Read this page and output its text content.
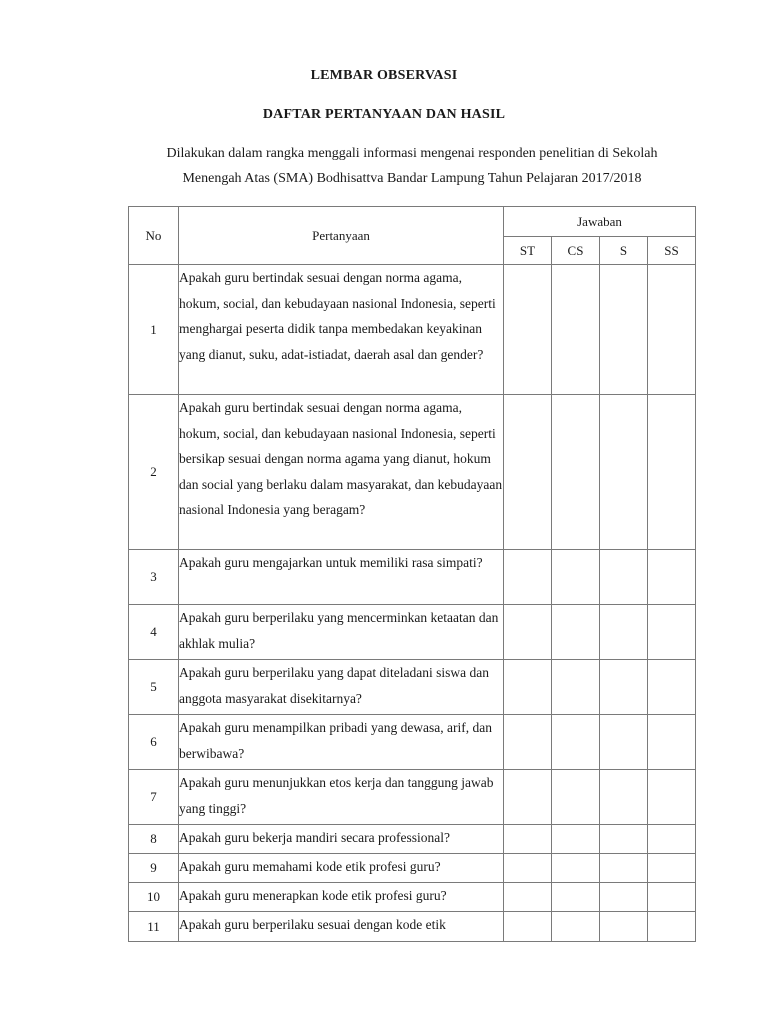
LEMBAR OBSERVASI
DAFTAR PERTANYAAN DAN HASIL
Dilakukan dalam rangka menggali informasi mengenai responden penelitian di Sekolah
Menengah Atas (SMA) Bodhisattva Bandar Lampung Tahun Pelajaran 2017/2018
No	Pertanyaan	Jawaban			
		ST	CS	S	SS
1	Apakah guru bertindak sesuai dengan norma agama, hokum, social, dan kebudayaan nasional Indonesia, seperti menghargai peserta didik tanpa membedakan keyakinan yang dianut, suku, adat-istiadat, daerah asal dan gender?				
2	Apakah guru bertindak sesuai dengan norma agama, hokum, social, dan kebudayaan nasional Indonesia, seperti bersikap sesuai dengan norma agama yang dianut, hokum dan social yang berlaku dalam masyarakat, dan kebudayaan nasional Indonesia yang beragam?				
3	Apakah guru mengajarkan untuk memiliki rasa simpati?				
4	Apakah guru berperilaku yang mencerminkan ketaatan dan akhlak mulia?				
5	Apakah guru berperilaku yang dapat diteladani siswa dan anggota masyarakat disekitarnya?				
6	Apakah guru menampilkan pribadi yang dewasa, arif, dan berwibawa?				
7	Apakah guru menunjukkan etos kerja dan tanggung jawab yang tinggi?				
8	Apakah guru bekerja mandiri secara professional?				
9	Apakah guru memahami kode etik profesi guru?				
10	Apakah guru menerapkan kode etik profesi guru?				
11	Apakah guru berperilaku sesuai dengan kode etik				
